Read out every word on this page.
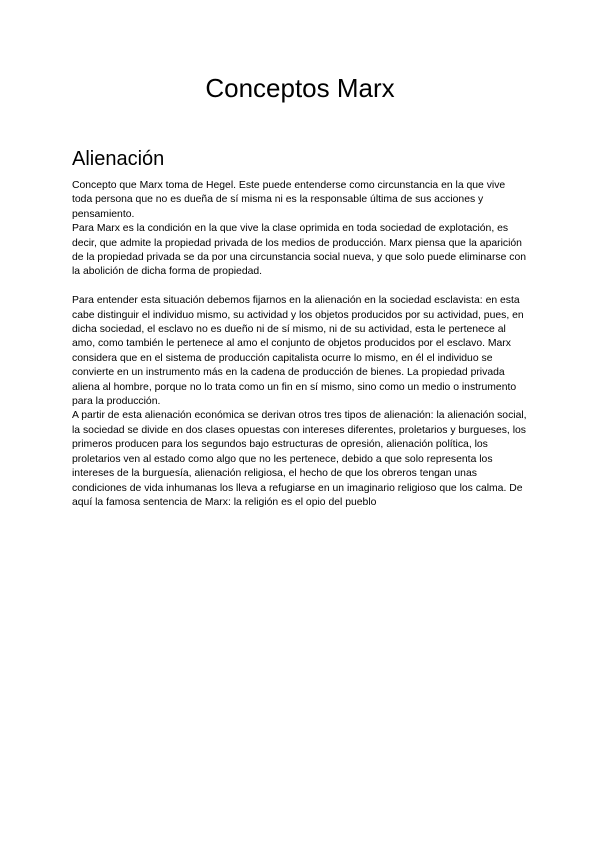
Conceptos Marx
Alienación

Concepto que Marx toma de Hegel. Este puede entenderse como circunstancia en la que vive toda persona que no es dueña de sí misma ni es la responsable última de sus acciones y pensamiento.

Para Marx es la condición en la que vive la clase oprimida en toda sociedad de explotación, es decir, que admite la propiedad privada de los medios de producción. Marx piensa que la aparición de la propiedad privada se da por una circunstancia social nueva, y que solo puede eliminarse con la abolición de dicha forma de propiedad.

Para entender esta situación debemos fijarnos en la alienación en la sociedad esclavista: en esta cabe distinguir el individuo mismo, su actividad y los objetos producidos por su actividad, pues, en dicha sociedad, el esclavo no es dueño ni de sí mismo, ni de su actividad, esta le pertenece al amo, como también le pertenece al amo el conjunto de objetos producidos por el esclavo. Marx considera que en el sistema de producción capitalista ocurre lo mismo, en él el individuo se convierte en un instrumento más en la cadena de producción de bienes. La propiedad privada aliena al hombre, porque no lo trata como un fin en sí mismo, sino como un medio o instrumento para la producción.

A partir de esta alienación económica se derivan otros tres tipos de alienación: la alienación social, la sociedad se divide en dos clases opuestas con intereses diferentes, proletarios y burgueses, los primeros producen para los segundos bajo estructuras de opresión, alienación política, los proletarios ven al estado como algo que no les pertenece, debido a que solo representa los intereses de la burguesía, alienación religiosa, el hecho de que los obreros tengan unas condiciones de vida inhumanas los lleva a refugiarse en un imaginario religioso que los calma. De aquí la famosa sentencia de Marx: la religión es el opio del pueblo
